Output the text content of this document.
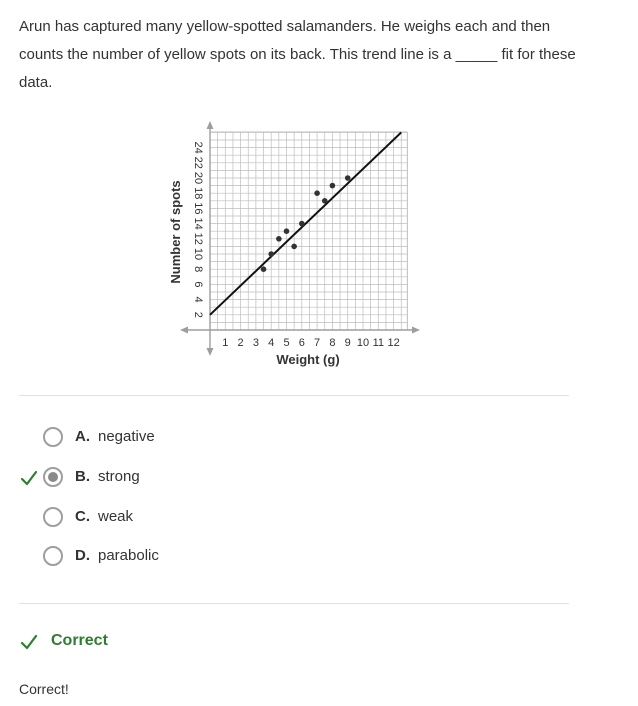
Arun has captured many yellow-spotted salamanders. He weighs each and then counts the number of yellow spots on its back. This trend line is a _____ fit for these data.

1 2 3 4 5 6 7 8 9 10 11 12
2
4
6
8
10
12
14
16
18
20
22
24
Weight (g)
Number of spots
A. negative
B. strong
C. weak
D. parabolic
Correct
Correct!
